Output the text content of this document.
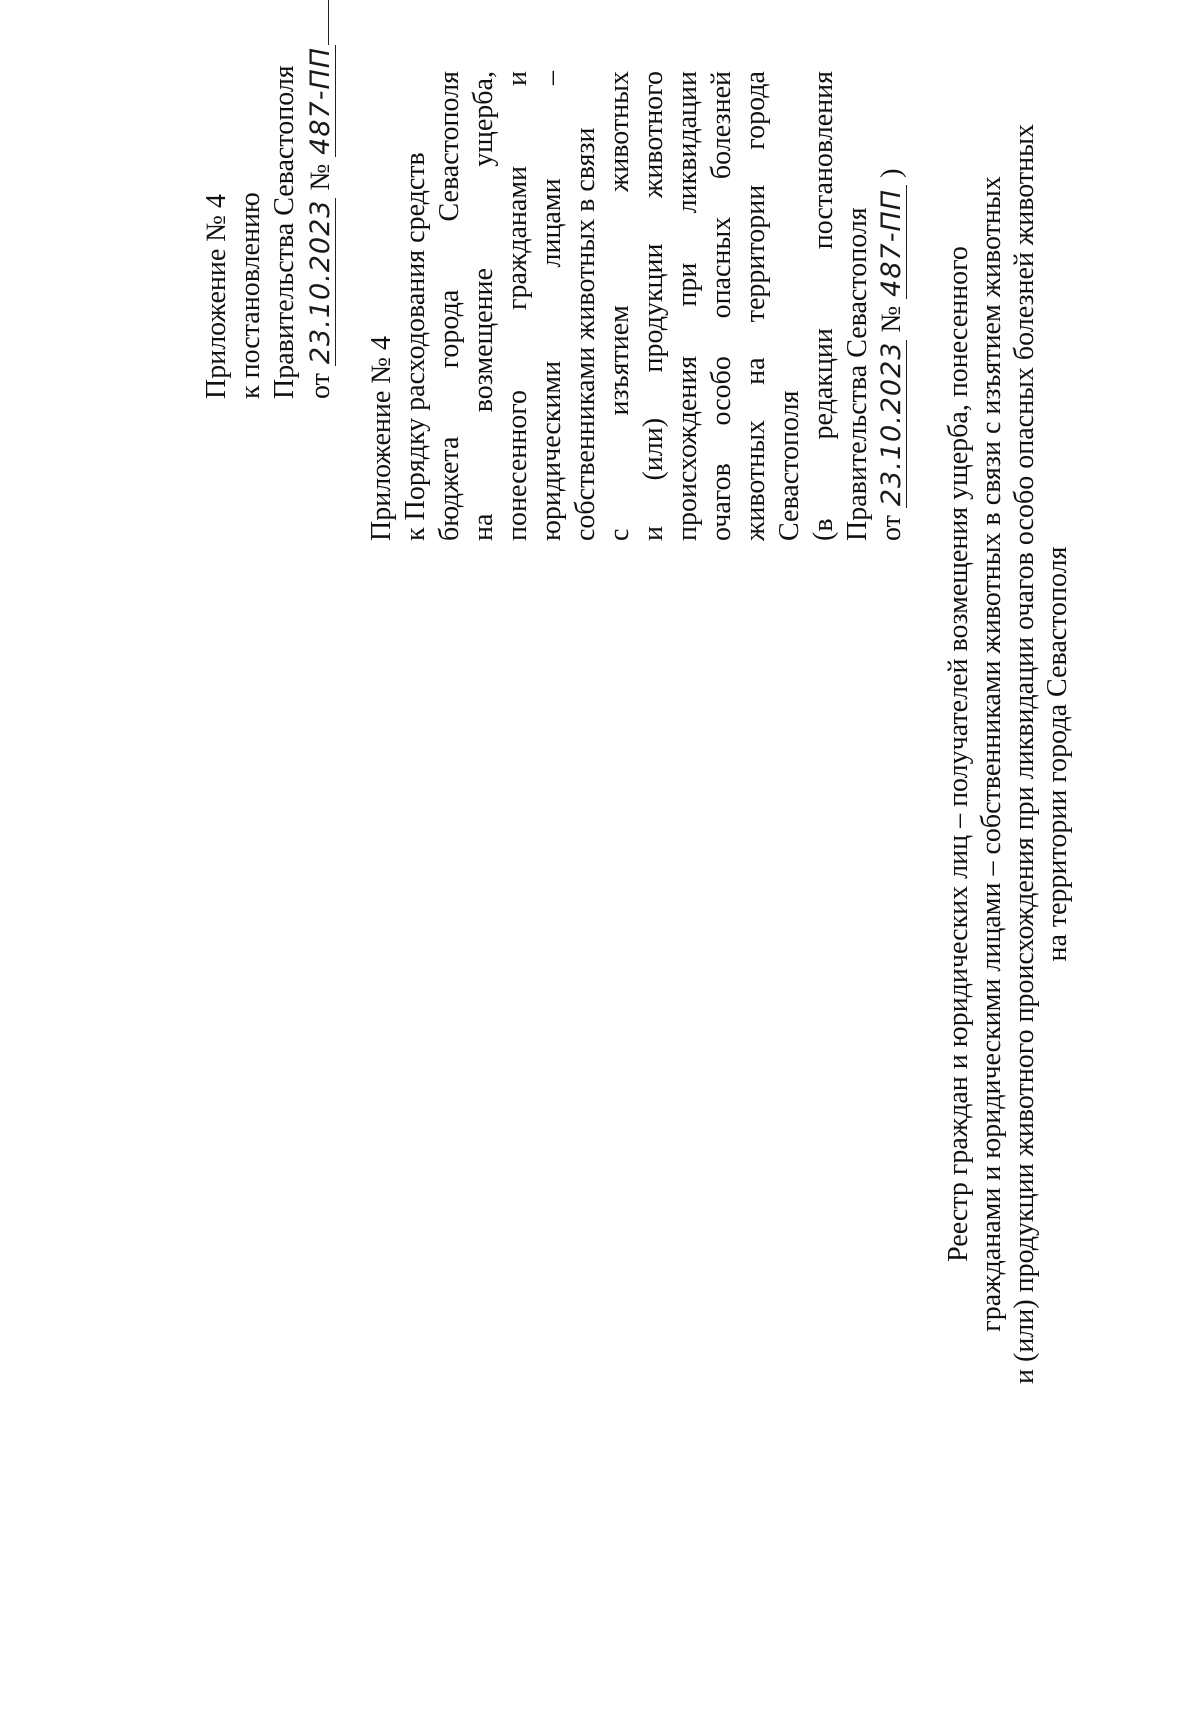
Приложение № 4 к постановлению Правительства Севастополя от 23.10.2023 № 487-ПП
Приложение № 4 к Порядку расходования средств бюджета
города
Севастополя
на
возмещение
ущерба,
понесенного
гражданами
и
юридическими
лицами
–
собственниками животных в связи с
изъятием
животных
и
(или)
продукции
животного
происхождения
при
ликвидации
очагов
особо
опасных
болезней
животных
на
территории
города
Севастополя (в
редакции
постановления
Правительства Севастополя от 23.10.2023 № 487-ПП )
Реестр граждан и юридических лиц – получателей возмещения ущерба, понесенного гражданами и юридическими лицами – собственниками животных в связи с изъятием животных и (или) продукции животного происхождения при ликвидации очагов особо опасных болезней животных на территории города Севастополя
